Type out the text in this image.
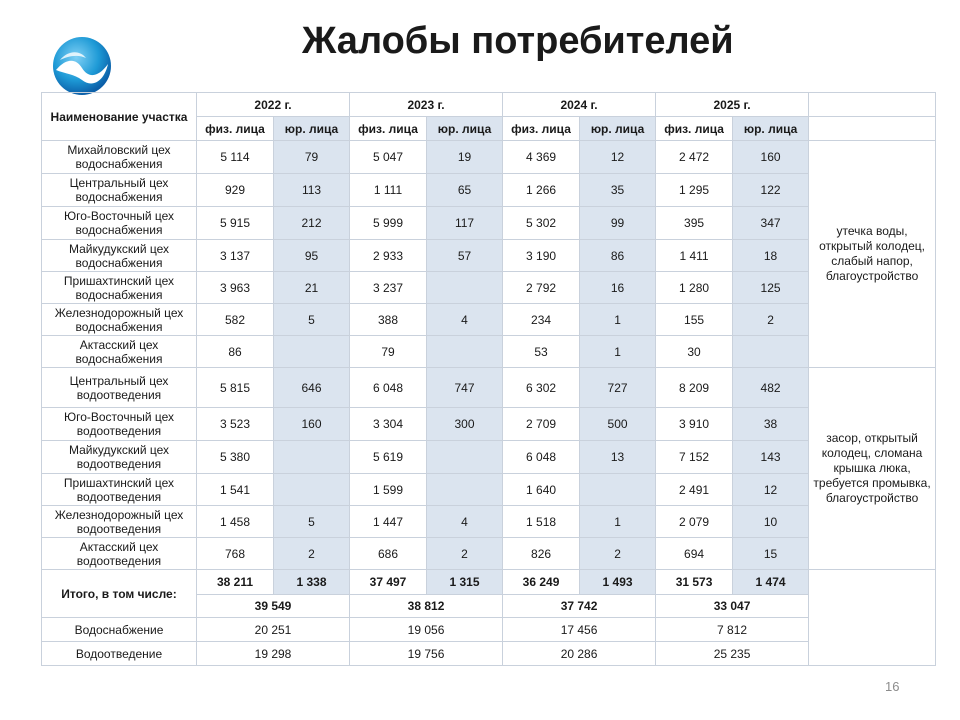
Жалобы потребителей
Наименование участка	2022 г.		2023 г.		2024 г.		2025 г.		
	физ. лица	юр. лица	физ. лица	юр. лица	физ. лица	юр. лица	физ. лица	юр. лица	
Михайловский цех водоснабжения	5 114	79	5 047	19	4 369	12	2 472	160	утечка воды, открытый колодец, слабый напор, благоустройство
Центральный цех водоснабжения	929	113	1 111	65	1 266	35	1 295	122	
Юго-Восточный цех водоснабжения	5 915	212	5 999	117	5 302	99	395	347	
Майкудукский цех водоснабжения	3 137	95	2 933	57	3 190	86	1 411	18	
Пришахтинский цех водоснабжения	3 963	21	3 237		2 792	16	1 280	125	
Железнодорожный цех водоснабжения	582	5	388	4	234	1	155	2	
Актасский цех водоснабжения	86		79		53	1	30		
Центральный цех водоотведения	5 815	646	6 048	747	6 302	727	8 209	482	засор, открытый колодец, сломана крышка люка, требуется промывка, благоустройство
Юго-Восточный цех водоотведения	3 523	160	3 304	300	2 709	500	3 910	38	
Майкудукский цех водоотведения	5 380		5 619		6 048	13	7 152	143	
Пришахтинский цех водоотведения	1 541		1 599		1 640		2 491	12	
Железнодорожный цех водоотведения	1 458	5	1 447	4	1 518	1	2 079	10	
Актасский цех водоотведения	768	2	686	2	826	2	694	15	
Итого, в том числе:	38 211	1 338	37 497	1 315	36 249	1 493	31 573	1 474	
	39 549		38 812		37 742		33 047		
Водоснабжение	20 251		19 056		17 456		7 812		
Водоотведение	19 298		19 756		20 286		25 235		
16
